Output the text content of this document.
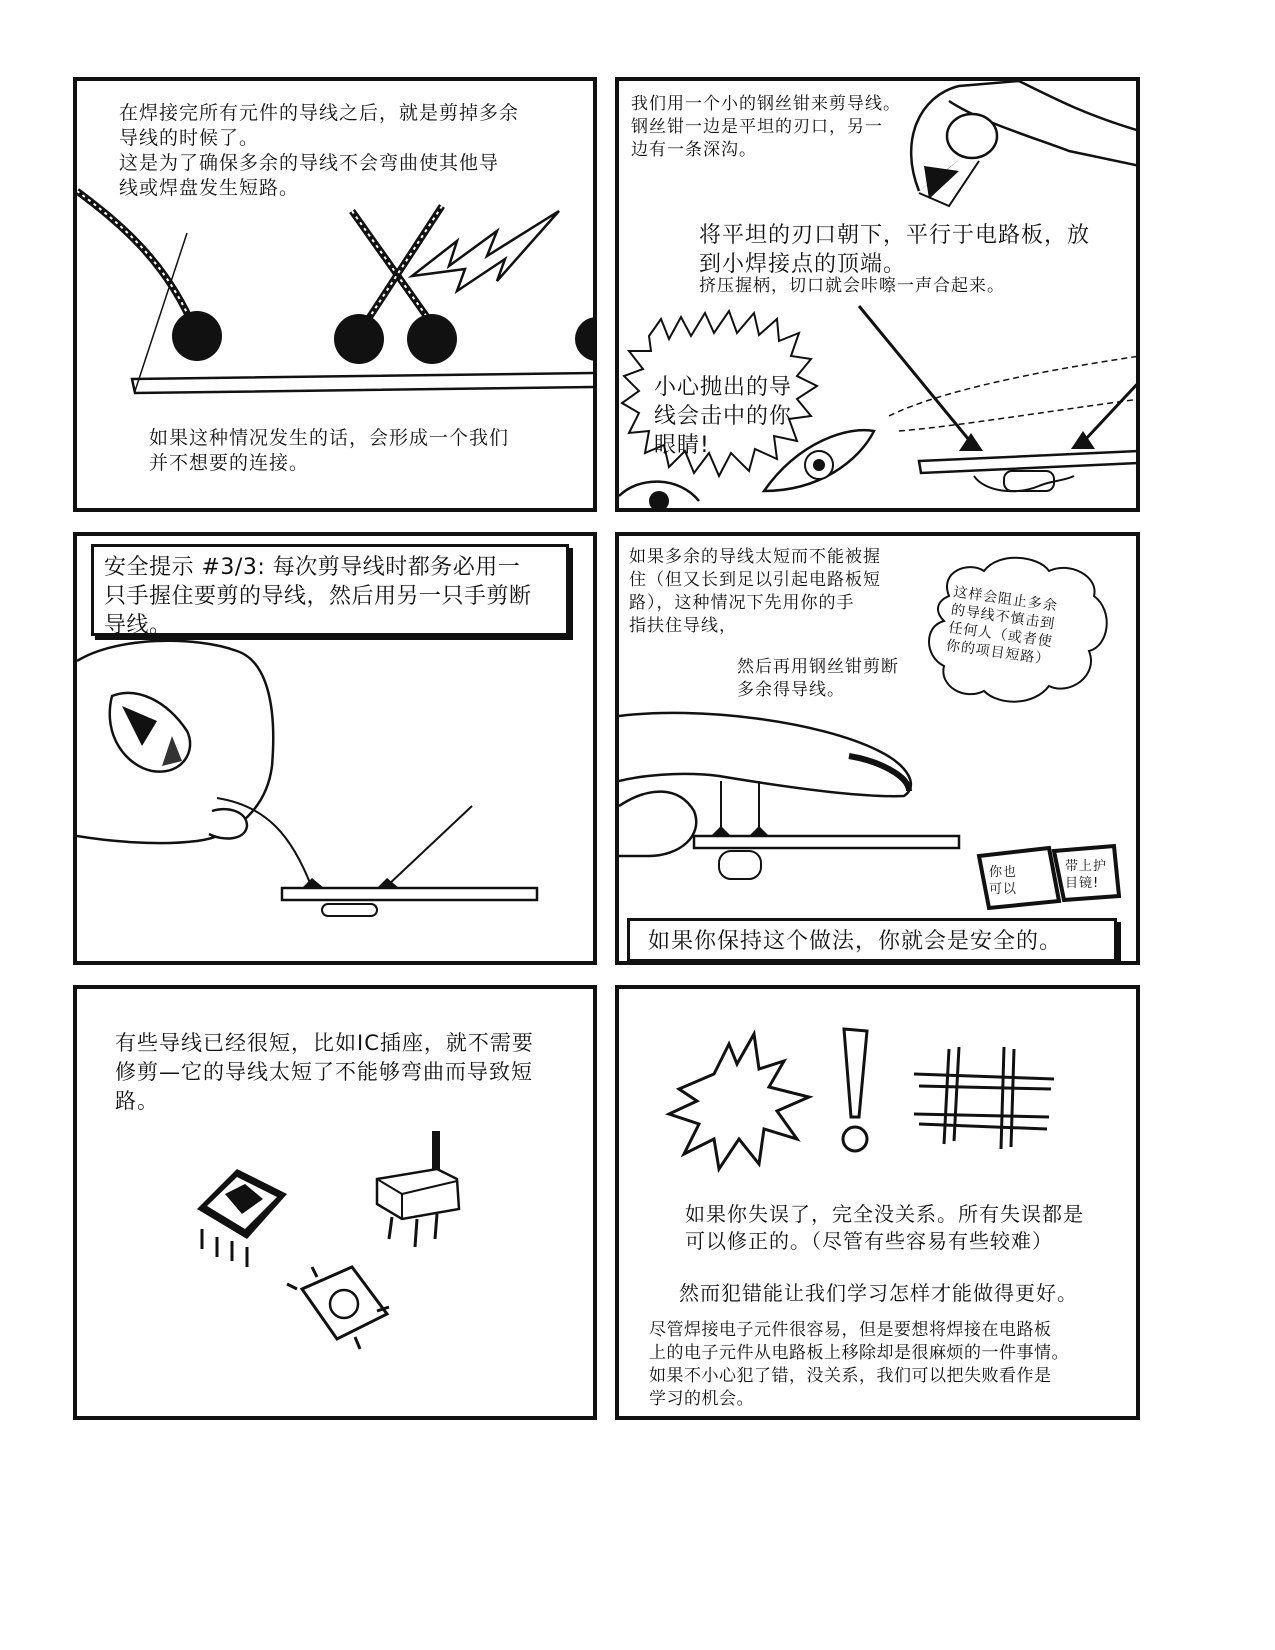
在焊接完所有元件的导线之后，就是剪掉多余
导线的时候了。
这是为了确保多余的导线不会弯曲使其他导
线或焊盘发生短路。
如果这种情况发生的话，会形成一个我们
并不想要的连接。
我们用一个小的钢丝钳来剪导线。
钢丝钳一边是平坦的刃口，另一
边有一条深沟。
将平坦的刃口朝下，平行于电路板，放
到小焊接点的顶端。
挤压握柄，切口就会咔嚓一声合起来。
小心抛出的导
线会击中的你
眼睛!
安全提示 #3/3: 每次剪导线时都务必用一
只手握住要剪的导线，然后用另一只手剪断
导线。
如果多余的导线太短而不能被握
住（但又长到足以引起电路板短
路），这种情况下先用你的手
指扶住导线，
然后再用钢丝钳剪断
多余得导线。
这样会阻止多余
的导线不慎击到
任何人（或者使
你的项目短路）
你也
可以
带上护
目镜!
如果你保持这个做法，你就会是安全的。
有些导线已经很短，比如IC插座，就不需要
修剪—它的导线太短了不能够弯曲而导致短
路。
如果你失误了，完全没关系。所有失误都是
可以修正的。（尽管有些容易有些较难）
然而犯错能让我们学习怎样才能做得更好。
尽管焊接电子元件很容易，但是要想将焊接在电路板
上的电子元件从电路板上移除却是很麻烦的一件事情。
如果不小心犯了错，没关系，我们可以把失败看作是
学习的机会。
